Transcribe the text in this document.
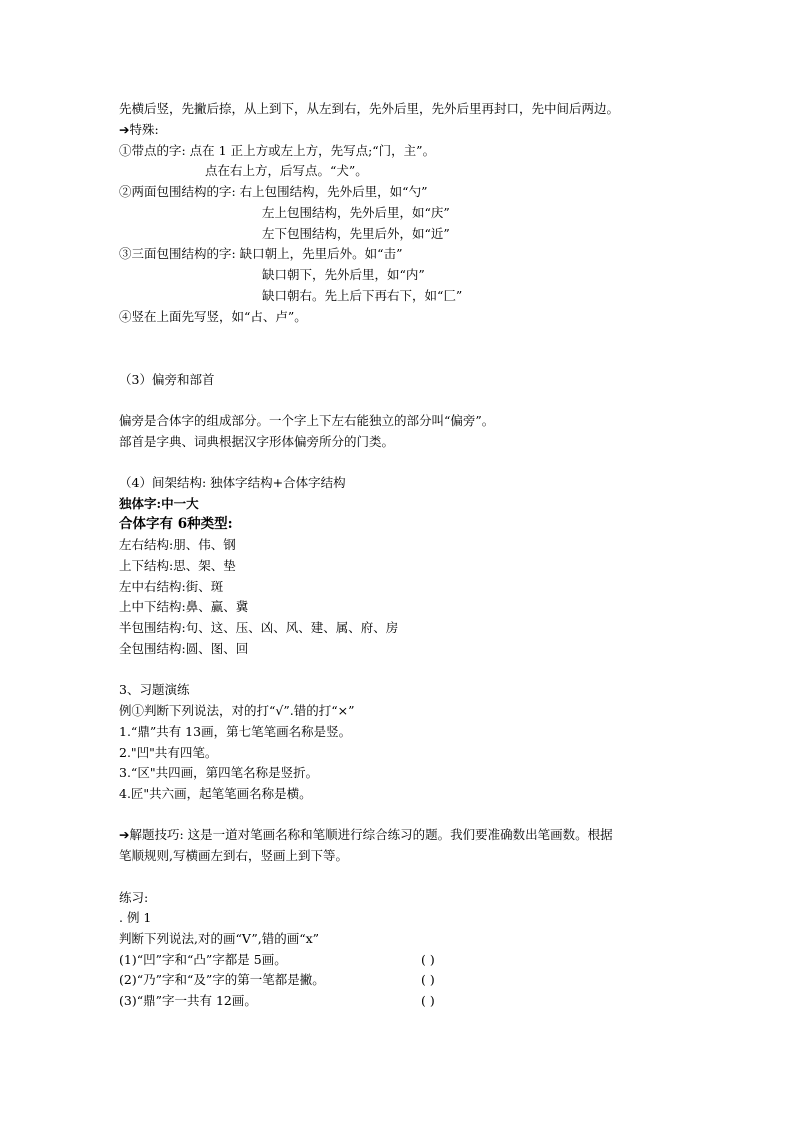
先横后竖，先撇后捺，从上到下，从左到右，先外后里，先外后里再封口，先中间后两边。
➔特殊:
①带点的字: 点在 1 正上方或左上方，先写点;“门，主”。
点在右上方，后写点。“犬”。
②两面包围结构的字: 右上包围结构，先外后里，如“勺”
左上包围结构，先外后里，如“庆”
左下包围结构，先里后外，如“近”
③三面包围结构的字: 缺口朝上，先里后外。如“击”
缺口朝下，先外后里，如“内”
缺口朝右。先上后下再右下，如“匚”
④竖在上面先写竖，如“占、卢”。
（3）偏旁和部首
偏旁是合体字的组成部分。一个字上下左右能独立的部分叫“偏旁”。
部首是字典、词典根据汉字形体偏旁所分的门类。
（4）间架结构: 独体字结构+合体字结构
独体字:中一大
合体字有 6种类型:
左右结构:朋、伟、钢
上下结构:思、架、垫
左中右结构:街、斑
上中下结构:鼻、赢、冀
半包围结构:句、这、压、凶、风、建、属、府、房
全包围结构:圆、图、回
3、习题演练
例①判断下列说法，对的打“√”.错的打“×”
1.“鼎”共有 13画，第七笔笔画名称是竖。
2."凹"共有四笔。
3.“区"共四画，第四笔名称是竖折。
4.匠"共六画，起笔笔画名称是横。
➔解题技巧: 这是一道对笔画名称和笔顺进行综合练习的题。我们要准确数出笔画数。根据
笔顺规则,写横画左到右，竖画上到下等。
练习:
. 例 1
判断下列说法,对的画“V”,错的画“x”
(1)“凹”字和“凸”字都是 5画。	( )
(2)“乃”字和“及”字的第一笔都是撇。	( )
(3)“鼎”字一共有 12画。	( )
